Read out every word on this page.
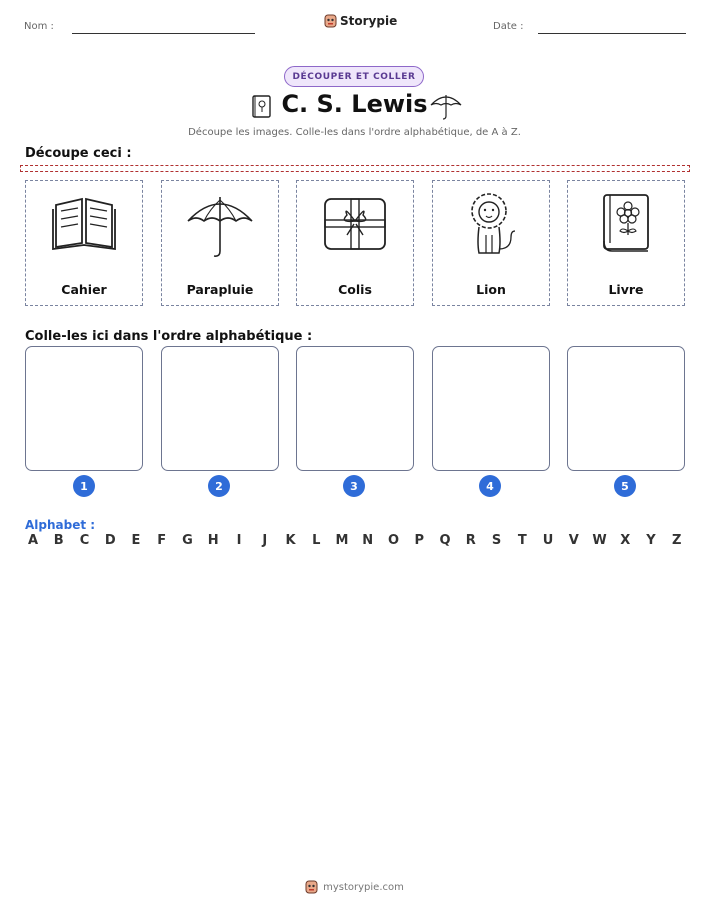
Nom :	Storypie	Date :
DÉCOUPER ET COLLER
C. S. Lewis
Découpe les images. Colle-les dans l'ordre alphabétique, de A à Z.
Découpe ceci :
Cahier	Parapluie	Colis	Lion	Livre
Colle-les ici dans l'ordre alphabétique :
1	2	3	4	5
Alphabet :
A B C D E F G H	I	J	K L M N O P Q R S T U V W X Y Z
mystorypie.com
